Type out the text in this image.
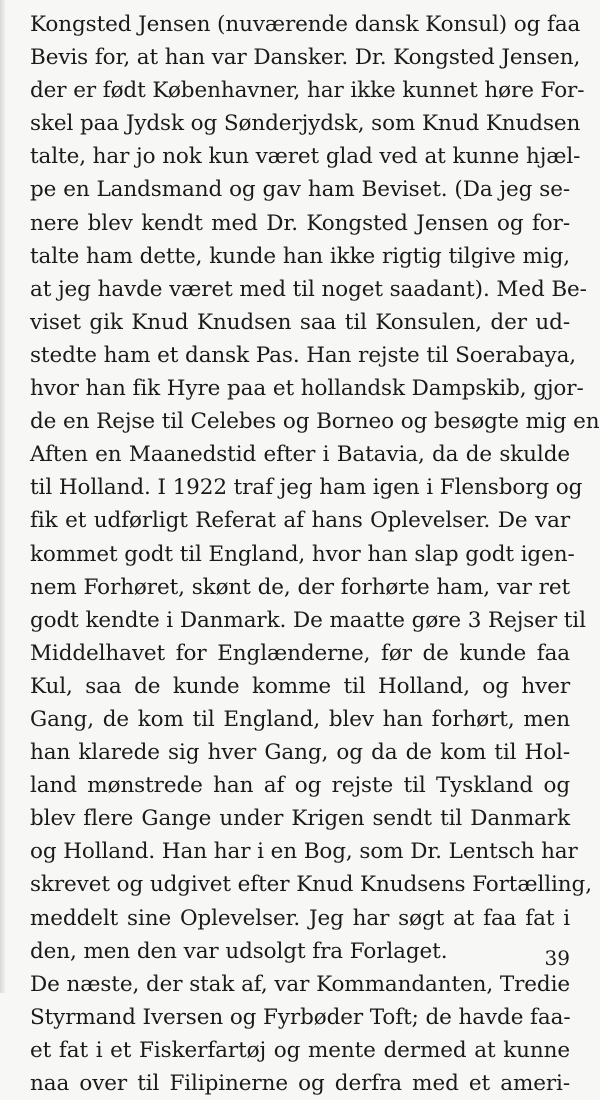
Kongsted Jensen (nuværende dansk Konsul) og faa
Bevis for, at han var Dansker. Dr. Kongsted Jensen,
der er født Københavner, har ikke kunnet høre For-
skel paa Jydsk og Sønderjydsk, som Knud Knudsen
talte, har jo nok kun været glad ved at kunne hjæl-
pe en Landsmand og gav ham Beviset. (Da jeg se-
nere blev kendt med Dr. Kongsted Jensen og for-
talte ham dette, kunde han ikke rigtig tilgive mig,
at jeg havde været med til noget saadant). Med Be-
viset gik Knud Knudsen saa til Konsulen, der ud-
stedte ham et dansk Pas. Han rejste til Soerabaya,
hvor han fik Hyre paa et hollandsk Dampskib, gjor-
de en Rejse til Celebes og Borneo og besøgte mig en
Aften en Maanedstid efter i Batavia, da de skulde
til Holland. I 1922 traf jeg ham igen i Flensborg og
fik et udførligt Referat af hans Oplevelser. De var
kommet godt til England, hvor han slap godt igen-
nem Forhøret, skønt de, der forhørte ham, var ret
godt kendte i Danmark. De maatte gøre 3 Rejser til
Middelhavet for Englænderne, før de kunde faa
Kul, saa de kunde komme til Holland, og hver
Gang, de kom til England, blev han forhørt, men
han klarede sig hver Gang, og da de kom til Hol-
land mønstrede han af og rejste til Tyskland og
blev flere Gange under Krigen sendt til Danmark
og Holland. Han har i en Bog, som Dr. Lentsch har
skrevet og udgivet efter Knud Knudsens Fortælling,
meddelt sine Oplevelser. Jeg har søgt at faa fat i
den, men den var udsolgt fra Forlaget.
De næste, der stak af, var Kommandanten, Tredie
Styrmand Iversen og Fyrbøder Toft; de havde faa-
et fat i et Fiskerfartøj og mente dermed at kunne
naa over til Filipinerne og derfra med et ameri-
39
